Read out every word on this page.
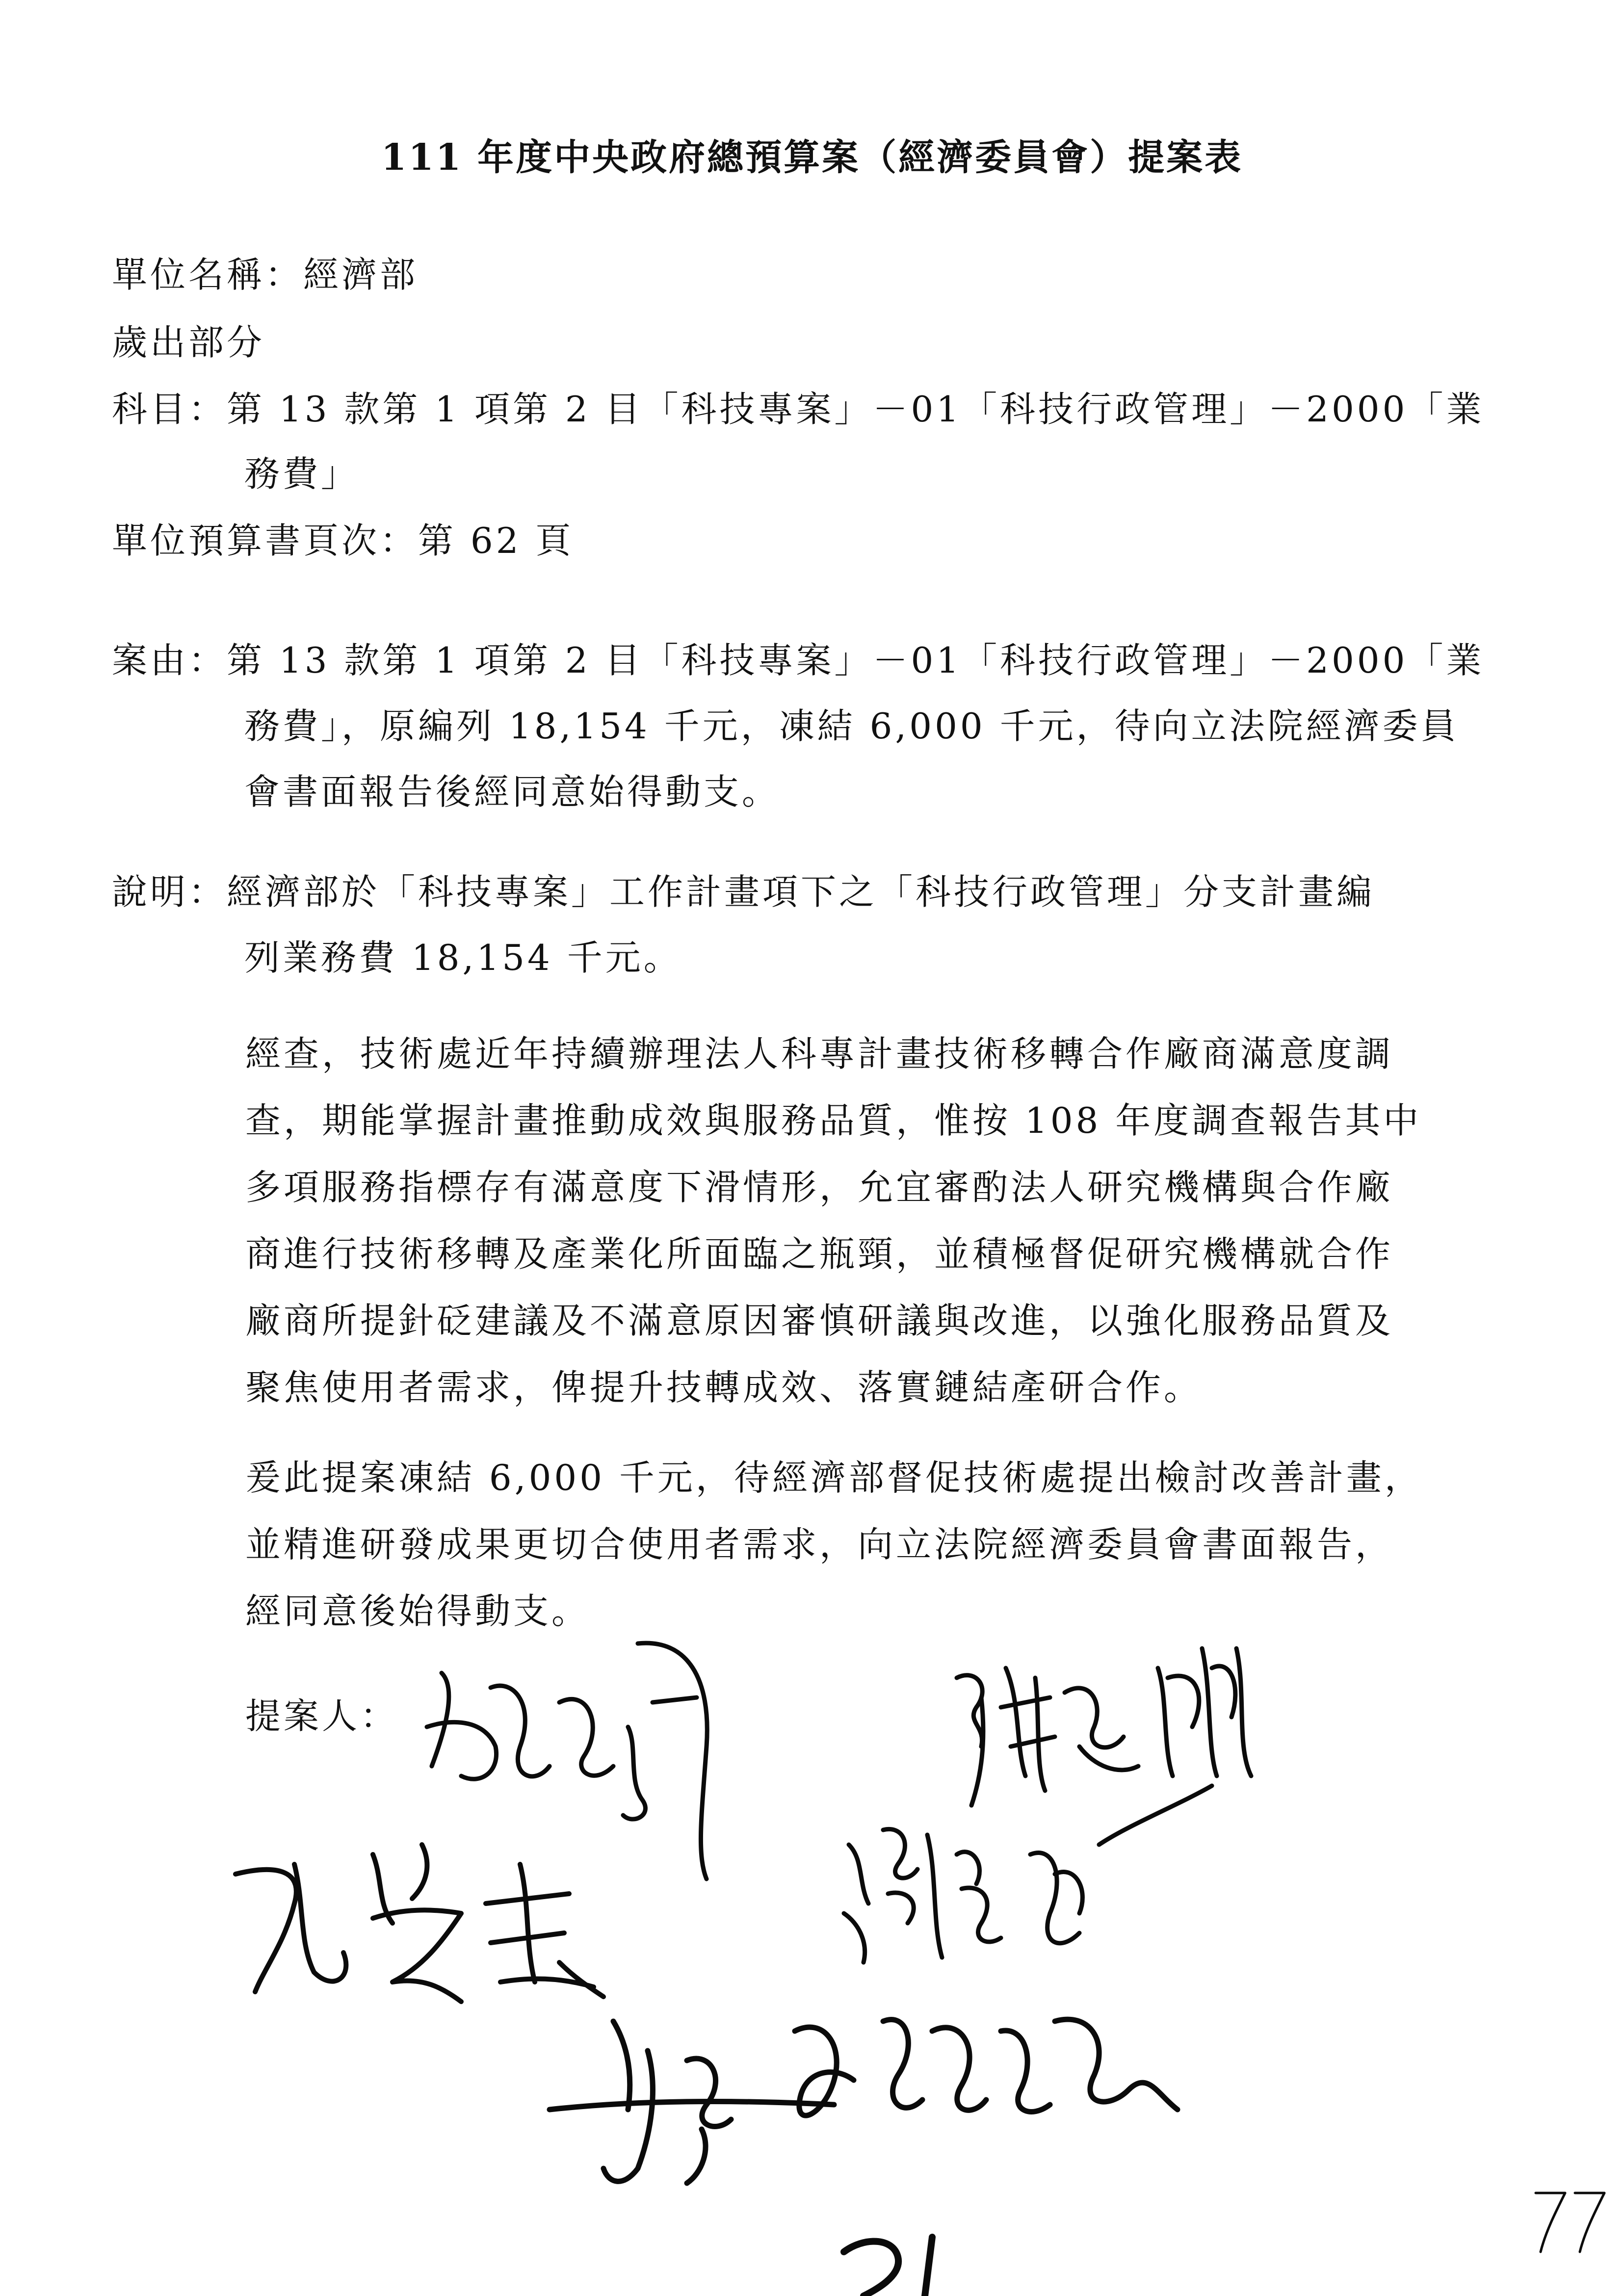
111 年度中央政府總預算案（經濟委員會）提案表
單位名稱：經濟部
歲出部分
科目：第 13 款第 1 項第 2 目「科技專案」－01「科技行政管理」－2000「業
務費」
單位預算書頁次：第 62 頁
案由：第 13 款第 1 項第 2 目「科技專案」－01「科技行政管理」－2000「業
務費」，原編列 18,154 千元，凍結 6,000 千元，待向立法院經濟委員
會書面報告後經同意始得動支。
說明：經濟部於「科技專案」工作計畫項下之「科技行政管理」分支計畫編
列業務費 18,154 千元。
經查，技術處近年持續辦理法人科專計畫技術移轉合作廠商滿意度調
查，期能掌握計畫推動成效與服務品質，惟按 108 年度調查報告其中
多項服務指標存有滿意度下滑情形，允宜審酌法人研究機構與合作廠
商進行技術移轉及產業化所面臨之瓶頸，並積極督促研究機構就合作
廠商所提針砭建議及不滿意原因審慎研議與改進，以強化服務品質及
聚焦使用者需求，俾提升技轉成效、落實鏈結產研合作。
爰此提案凍結 6,000 千元，待經濟部督促技術處提出檢討改善計畫，
並精進研發成果更切合使用者需求，向立法院經濟委員會書面報告，
經同意後始得動支。
提案人：
